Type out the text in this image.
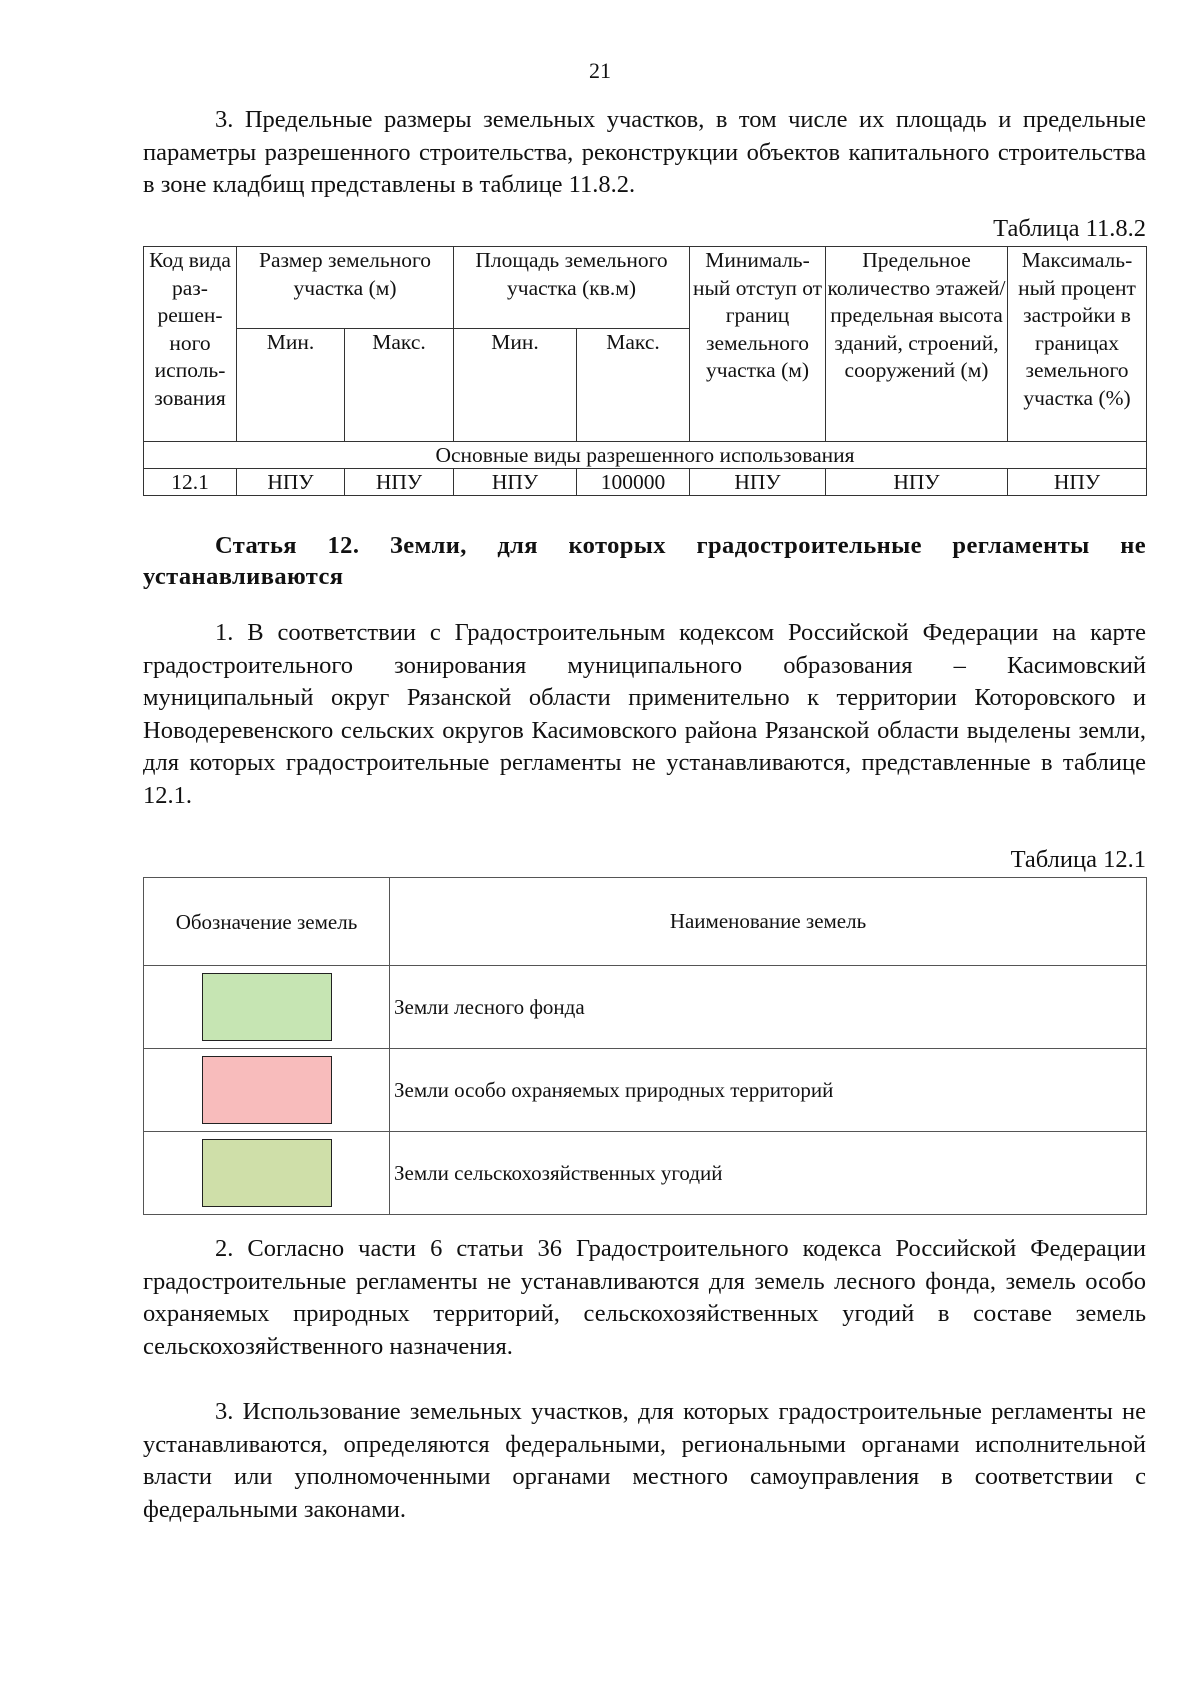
21

3. Предельные размеры земельных участков, в том числе их площадь и предельные параметры разрешенного строительства, реконструкции объектов капитального строительства в зоне кладбищ представлены в таблице 11.8.2.

Таблица 11.8.2
Код вида раз-решен-ного исполь-зования	Размер земельного участка (м)		Площадь земельного участка (кв.м)		Минималь-ный отступ от границ земельного участка (м)	Предельное количество этажей/ предельная высота зданий, строений, сооружений (м)	Максималь-ный процент застройки в границах земельного участка (%)
	Мин.	Макс.	Мин.	Макс.			
Основные виды разрешенного использования							
12.1	НПУ	НПУ	НПУ	100000	НПУ	НПУ	НПУ

Статья 12. Земли, для которых градостроительные регламенты не устанавливаются

1. В соответствии с Градостроительным кодексом Российской Федерации на карте градостроительного зонирования муниципального образования – Касимовский муниципальный округ Рязанской области применительно к территории Которовского и Новодеревенского сельских округов Касимовского района Рязанской области выделены земли, для которых градостроительные регламенты не устанавливаются, представленные в таблице 12.1.

Таблица 12.1
Обозначение земель	Наименование земель

	Земли лесного фонда

	Земли особо охраняемых природных территорий

	Земли сельскохозяйственных угодий

2. Согласно части 6 статьи 36 Градостроительного кодекса Российской Федерации градостроительные регламенты не устанавливаются для земель лесного фонда, земель особо охраняемых природных территорий, сельскохозяйственных угодий в составе земель сельскохозяйственного назначения.

3. Использование земельных участков, для которых градостроительные регламенты не устанавливаются, определяются федеральными, региональными органами исполнительной власти или уполномоченными органами местного самоуправления в соответствии с федеральными законами.
